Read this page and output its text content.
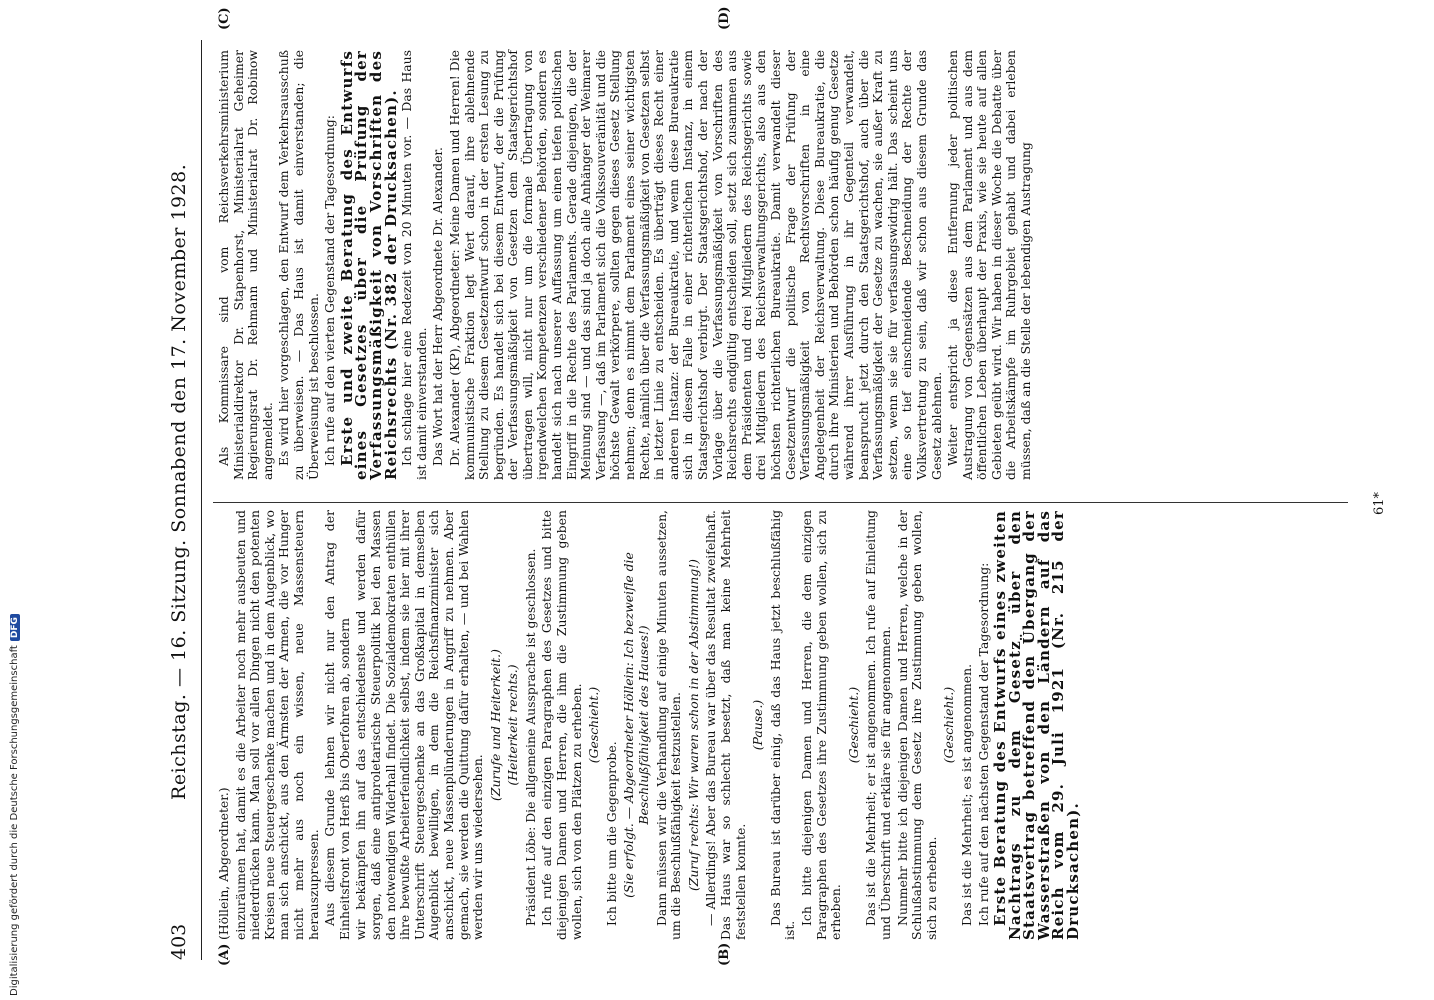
403
Reichstag. — 16. Sitzung. Sonnabend den 17. November 1928.
(A)	(B)
(C)	(D)

(Höllein, Abgeordneter.) einzuräumen hat, damit es die Arbeiter noch mehr ausbeuten und niederdrücken kann. Man soll vor allen Dingen nicht den potenten Kreisen neue Steuergeschenke machen und in dem Augenblick, wo man sich anschickt, aus den Ärmsten der Armen, die vor Hunger nicht mehr aus noch ein wissen, neue Massensteuern herauszupressen. Aus diesem Grunde lehnen wir nicht nur den Antrag der Einheitsfront von Herß bis Oberfohren ab, sondern wir bekämpfen ihn auf das entschiedenste und werden dafür sorgen, daß eine antiproletarische Steuerpolitik bei den Massen den notwendigen Widerhall findet. Die Sozialdemokraten enthüllen ihre bewußte Arbeiterfeindlichkeit selbst, indem sie hier mit ihrer Unterschrift Steuergeschenke an das Großkapital in demselben Augenblick bewilligen, in dem die Reichsfinanzminister sich anschickt, neue Massenplünderungen in Angriff zu nehmen. Aber gemach, sie werden die Quittung dafür erhalten, — und bei Wahlen werden wir uns wiedersehen.

(Zurufe und Heiterkeit.) (Heiterkeit rechts.) Präsident Löbe: Die allgemeine Aussprache ist geschlossen. Ich rufe auf den einzigen Paragraphen des Gesetzes und bitte diejenigen Damen und Herren, die ihm die Zustimmung geben wollen, sich von den Plätzen zu erheben. (Geschieht.)

Ich bitte um die Gegenprobe. (Sie erfolgt. — Abgeordneter Höllein: Ich bezweifle die Beschlußfähigkeit des Hauses!) Dann müssen wir die Verhandlung auf einige Minuten aussetzen, um die Beschlußfähigkeit festzustellen. (Zuruf rechts: Wir waren schon in der Abstimmung!) — Allerdings! Aber das Bureau war über das Resultat zweifelhaft. Das Haus war so schlecht besetzt, daß man keine Mehrheit feststellen konnte.

(Pause.) Das Bureau ist darüber einig, daß das Haus jetzt beschlußfähig ist.

Ich bitte diejenigen Damen und Herren, die dem einzigen Paragraphen des Gesetzes ihre Zustimmung geben wollen, sich zu erheben.

(Geschieht.) Das ist die Mehrheit; er ist angenommen. Ich rufe auf Einleitung und Überschrift und erkläre sie für angenommen. Nunmehr bitte ich diejenigen Damen und Herren, welche in der Schlußabstimmung dem Gesetz ihre Zustimmung geben wollen, sich zu erheben.

(Geschieht.) Das ist die Mehrheit; es ist angenommen. Ich rufe auf den nächsten Gegenstand der Tagesordnung: Erste Beratung des Entwurfs eines zweiten Nachtrags zu dem Gesetz über den Staatsvertrag betreffend den Übergang der Wasserstraßen von den Ländern auf das Reich vom 29. Juli 1921 (Nr. 215 der Drucksachen).

Als Kommissare sind vom Reichsverkehrsministerium Ministerialdirektor Dr. Stapenhorst, Ministerialrat Geheimer Regierungsrat Dr. Rehmann und Ministerialrat Dr. Robinow angemeldet. Es wird hier vorgeschlagen, den Entwurf dem Verkehrsausschuß zu überweisen. — Das Haus ist damit einverstanden; die Überweisung ist beschlossen. Ich rufe auf den vierten Gegenstand der Tagesordnung: Erste und zweite Beratung des Entwurfs eines Gesetzes über die Prüfung der Verfassungsmäßigkeit von Vorschriften des Reichsrechts (Nr. 382 der Drucksachen). Ich schlage hier eine Redezeit von 20 Minuten vor. — Das Haus ist damit einverstanden. Das Wort hat der Herr Abgeordnete Dr. Alexander. Dr. Alexander (KP), Abgeordneter: Meine Damen und Herren! Die kommunistische Fraktion legt Wert darauf, ihre ablehnende Stellung zu diesem Gesetzentwurf schon in der ersten Lesung zu begründen. Es handelt sich bei diesem Entwurf, der die Prüfung der Verfassungsmäßigkeit von Gesetzen dem Staatsgerichtshof übertragen will, nicht nur um die formale Übertragung von irgendwelchen Kompetenzen verschiedener Behörden, sondern es handelt sich nach unserer Auffassung um einen tiefen politischen Eingriff in die Rechte des Parlaments. Gerade diejenigen, die der Meinung sind — und das sind ja doch alle Anhänger der Weimarer Verfassung —, daß im Parlament sich die Volkssouveränität und die höchste Gewalt verkörpere, sollten gegen dieses Gesetz Stellung nehmen; denn es nimmt dem Parlament eines seiner wichtigsten Rechte, nämlich über die Verfassungsmäßigkeit von Gesetzen selbst in letzter Linie zu entscheiden. Es überträgt dieses Recht einer anderen Instanz: der Bureaukratie, und wenn diese Bureaukratie sich in diesem Falle in einer richterlichen Instanz, in einem Staatsgerichtshof verbirgt. Der Staatsgerichtshof, der nach der Vorlage über die Verfassungsmäßigkeit von Vorschriften des Reichsrechts endgültig entscheiden soll, setzt sich zusammen aus dem Präsidenten und drei Mitgliedern des Reichsgerichts sowie drei Mitgliedern des Reichsverwaltungsgerichts, also aus den höchsten richterlichen Bureaukratie. Damit verwandelt dieser Gesetzentwurf die politische Frage der Prüfung der Verfassungsmäßigkeit von Rechtsvorschriften in eine Angelegenheit der Reichsverwaltung. Diese Bureaukratie, die durch ihre Ministerien und Behörden schon häufig genug Gesetze während ihrer Ausführung in ihr Gegenteil verwandelt, beansprucht jetzt durch den Staatsgerichtshof, auch über die Verfassungsmäßigkeit der Gesetze zu wachen, sie außer Kraft zu setzen, wenn sie sie für verfassungswidrig hält. Das scheint uns eine so tief einschneidende Beschneidung der Rechte der Volksvertretung zu sein, daß wir schon aus diesem Grunde das Gesetz ablehnen. Weiter entspricht ja diese Entfernung jeder politischen Austragung von Gegensätzen aus dem Parlament und aus dem öffentlichen Leben überhaupt der Praxis, wie sie heute auf allen Gebieten geübt wird. Wir haben in dieser Woche die Debatte über die Arbeitskämpfe im Ruhrgebiet gehabt und dabei erleben müssen, daß an die Stelle der lebendigen Austragung

61*
Digitalisierung gefördert durch die Deutsche Forschungsgemeinschaft
DFG
